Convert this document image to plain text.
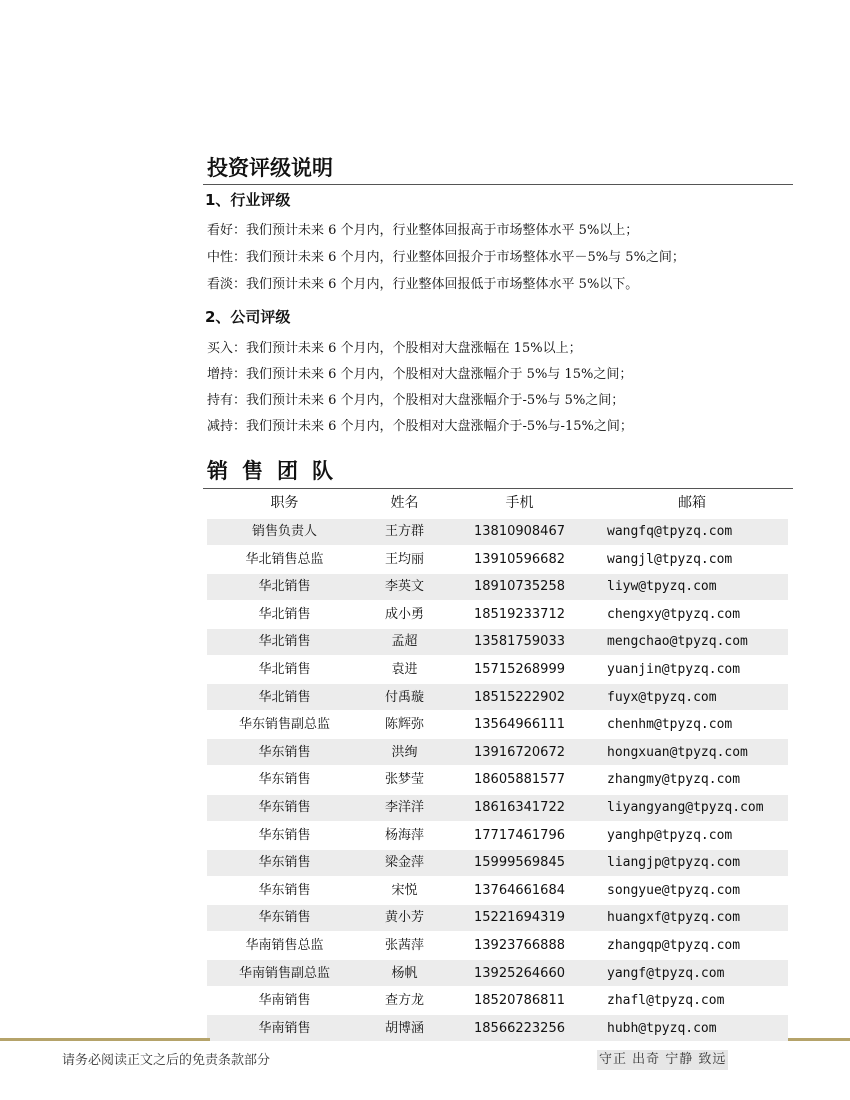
投资评级说明
1、行业评级
看好：我们预计未来 6 个月内，行业整体回报高于市场整体水平 5%以上；
中性：我们预计未来 6 个月内，行业整体回报介于市场整体水平－5%与 5%之间；
看淡：我们预计未来 6 个月内，行业整体回报低于市场整体水平 5%以下。
2、公司评级
买入：我们预计未来 6 个月内，个股相对大盘涨幅在 15%以上；
增持：我们预计未来 6 个月内，个股相对大盘涨幅介于 5%与 15%之间；
持有：我们预计未来 6 个月内，个股相对大盘涨幅介于-5%与 5%之间；
减持：我们预计未来 6 个月内，个股相对大盘涨幅介于-5%与-15%之间；
销售团队
职务	姓名	手机	邮箱
销售负责人	王方群	13810908467	wangfq@tpyzq.com
华北销售总监	王均丽	13910596682	wangjl@tpyzq.com
华北销售	李英文	18910735258	liyw@tpyzq.com
华北销售	成小勇	18519233712	chengxy@tpyzq.com
华北销售	孟超	13581759033	mengchao@tpyzq.com
华北销售	袁进	15715268999	yuanjin@tpyzq.com
华北销售	付禹璇	18515222902	fuyx@tpyzq.com
华东销售副总监	陈辉弥	13564966111	chenhm@tpyzq.com
华东销售	洪绚	13916720672	hongxuan@tpyzq.com
华东销售	张梦莹	18605881577	zhangmy@tpyzq.com
华东销售	李洋洋	18616341722	liyangyang@tpyzq.com
华东销售	杨海萍	17717461796	yanghp@tpyzq.com
华东销售	梁金萍	15999569845	liangjp@tpyzq.com
华东销售	宋悦	13764661684	songyue@tpyzq.com
华东销售	黄小芳	15221694319	huangxf@tpyzq.com
华南销售总监	张茜萍	13923766888	zhangqp@tpyzq.com
华南销售副总监	杨帆	13925264660	yangf@tpyzq.com
华南销售	查方龙	18520786811	zhafl@tpyzq.com
华南销售	胡博涵	18566223256	hubh@tpyzq.com
请务必阅读正文之后的免责条款部分	守正 出奇 宁静 致远
